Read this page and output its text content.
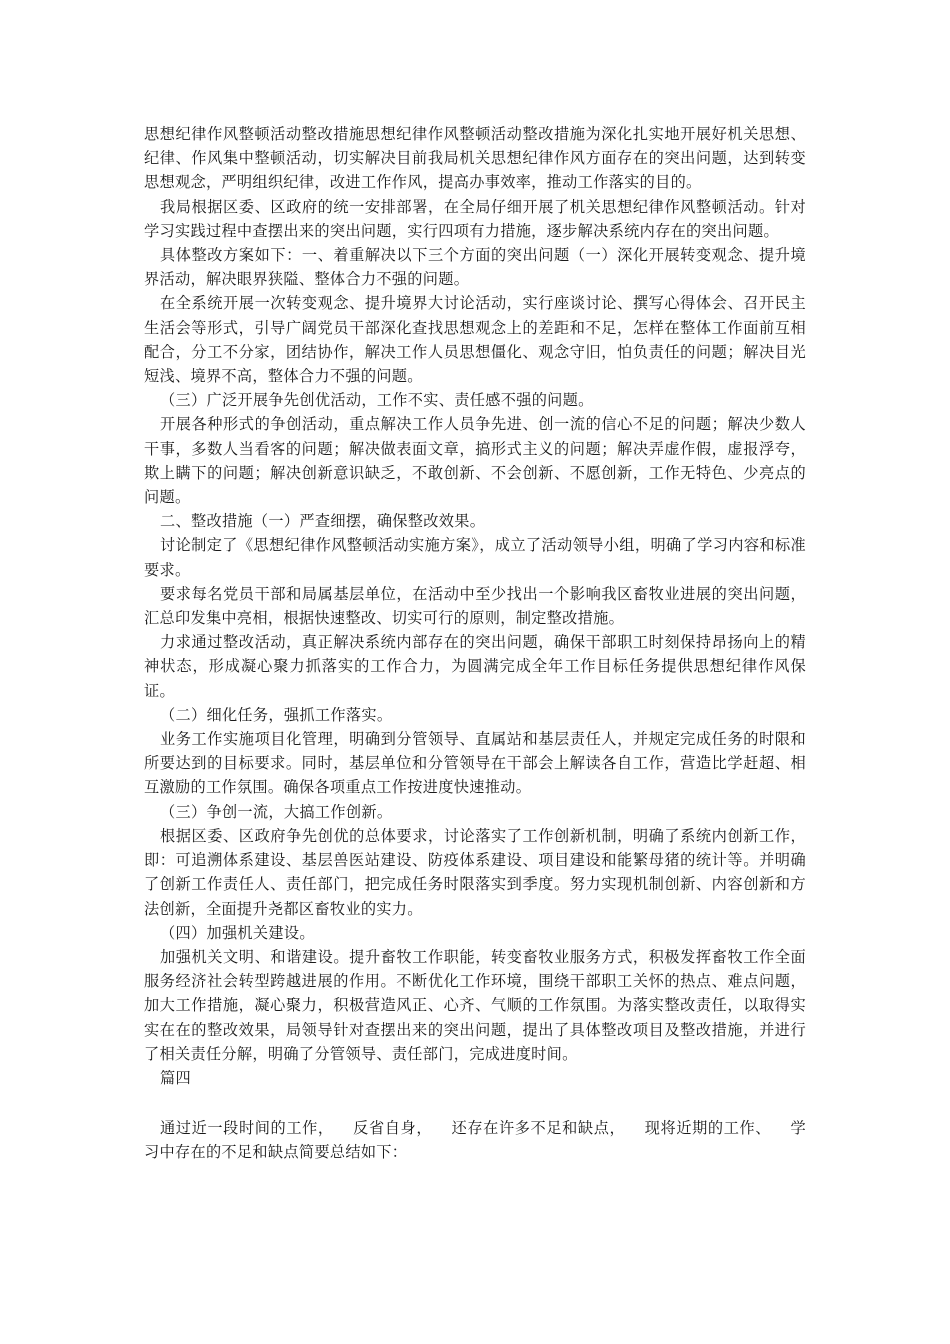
思想纪律作风整顿活动整改措施思想纪律作风整顿活动整改措施为深化扎实地开展好机关思想、纪律、作风集中整顿活动，切实解决目前我局机关思想纪律作风方面存在的突出问题，达到转变思想观念，严明组织纪律，改进工作作风，提高办事效率，推动工作落实的目的。

我局根据区委、区政府的统一安排部署，在全局仔细开展了机关思想纪律作风整顿活动。针对学习实践过程中查摆出来的突出问题，实行四项有力措施，逐步解决系统内存在的突出问题。

具体整改方案如下：一、着重解决以下三个方面的突出问题（一）深化开展转变观念、提升境界活动，解决眼界狭隘、整体合力不强的问题。

在全系统开展一次转变观念、提升境界大讨论活动，实行座谈讨论、撰写心得体会、召开民主生活会等形式，引导广阔党员干部深化查找思想观念上的差距和不足，怎样在整体工作面前互相配合，分工不分家，团结协作，解决工作人员思想僵化、观念守旧，怕负责任的问题；解决目光短浅、境界不高，整体合力不强的问题。

（三）广泛开展争先创优活动，工作不实、责任感不强的问题。

开展各种形式的争创活动，重点解决工作人员争先进、创一流的信心不足的问题；解决少数人干事，多数人当看客的问题；解决做表面文章，搞形式主义的问题；解决弄虚作假，虚报浮夸，欺上瞒下的问题；解决创新意识缺乏，不敢创新、不会创新、不愿创新，工作无特色、少亮点的问题。

二、整改措施（一）严查细摆，确保整改效果。

讨论制定了《思想纪律作风整顿活动实施方案》，成立了活动领导小组，明确了学习内容和标准要求。

要求每名党员干部和局属基层单位，在活动中至少找出一个影响我区畜牧业进展的突出问题，汇总印发集中亮相，根据快速整改、切实可行的原则，制定整改措施。

力求通过整改活动，真正解决系统内部存在的突出问题，确保干部职工时刻保持昂扬向上的精神状态，形成凝心聚力抓落实的工作合力，为圆满完成全年工作目标任务提供思想纪律作风保证。

（二）细化任务，强抓工作落实。

业务工作实施项目化管理，明确到分管领导、直属站和基层责任人，并规定完成任务的时限和所要达到的目标要求。同时，基层单位和分管领导在干部会上解读各自工作，营造比学赶超、相互激励的工作氛围。确保各项重点工作按进度快速推动。

（三）争创一流，大搞工作创新。

根据区委、区政府争先创优的总体要求，讨论落实了工作创新机制，明确了系统内创新工作，即：可追溯体系建设、基层兽医站建设、防疫体系建设、项目建设和能繁母猪的统计等。并明确了创新工作责任人、责任部门，把完成任务时限落实到季度。努力实现机制创新、内容创新和方法创新，全面提升尧都区畜牧业的实力。

（四）加强机关建设。

加强机关文明、和谐建设。提升畜牧工作职能，转变畜牧业服务方式，积极发挥畜牧工作全面服务经济社会转型跨越进展的作用。不断优化工作环境，围绕干部职工关怀的热点、难点问题，加大工作措施，凝心聚力，积极营造风正、心齐、气顺的工作氛围。为落实整改责任，以取得实实在在的整改效果，局领导针对查摆出来的突出问题，提出了具体整改项目及整改措施，并进行了相关责任分解，明确了分管领导、责任部门，完成进度时间。

篇四

通过近一段时间的工作， 反省自身， 还存在许多不足和缺点， 现将近期的工作、 学习中存在的不足和缺点简要总结如下：
